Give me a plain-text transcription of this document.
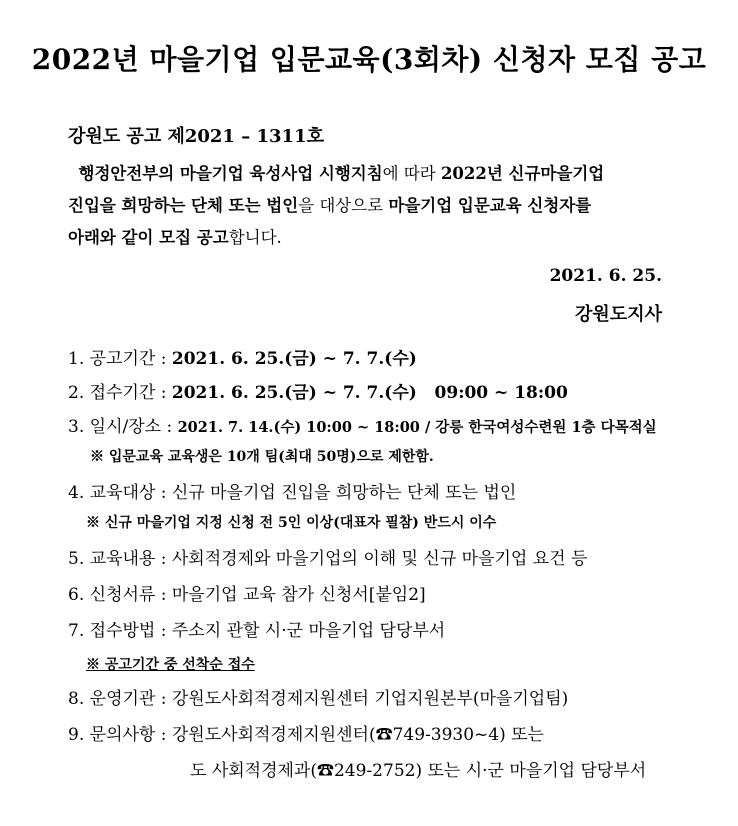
2022년 마을기업 입문교육(3회차) 신청자 모집 공고
강원도 공고 제2021 – 1311호
행정안전부의 마을기업 육성사업 시행지침에 따라 2022년 신규마을기업
진입을 희망하는 단체 또는 법인을 대상으로 마을기업 입문교육 신청자를
아래와 같이 모집 공고합니다.
2021. 6. 25.
강원도지사
1. 공고기간 : 2021. 6. 25.(금) ~ 7. 7.(수)
2. 접수기간 : 2021. 6. 25.(금) ~ 7. 7.(수)   09:00 ~ 18:00
3. 일시/장소 : 2021. 7. 14.(수) 10:00 ~ 18:00 / 강릉 한국여성수련원 1층 다목적실
※ 입문교육 교육생은 10개 팀(최대 50명)으로 제한함.
4. 교육대상 : 신규 마을기업 진입을 희망하는 단체 또는 법인
※ 신규 마을기업 지정 신청 전 5인 이상(대표자 필참) 반드시 이수
5. 교육내용 : 사회적경제와 마을기업의 이해 및 신규 마을기업 요건 등
6. 신청서류 : 마을기업 교육 참가 신청서[붙임2]
7. 접수방법 : 주소지 관할 시·군 마을기업 담당부서
※ 공고기간 중 선착순 접수
8. 운영기관 : 강원도사회적경제지원센터 기업지원본부(마을기업팀)
9. 문의사항 : 강원도사회적경제지원센터(☎749-3930~4) 또는
도 사회적경제과(☎249-2752) 또는 시·군 마을기업 담당부서
